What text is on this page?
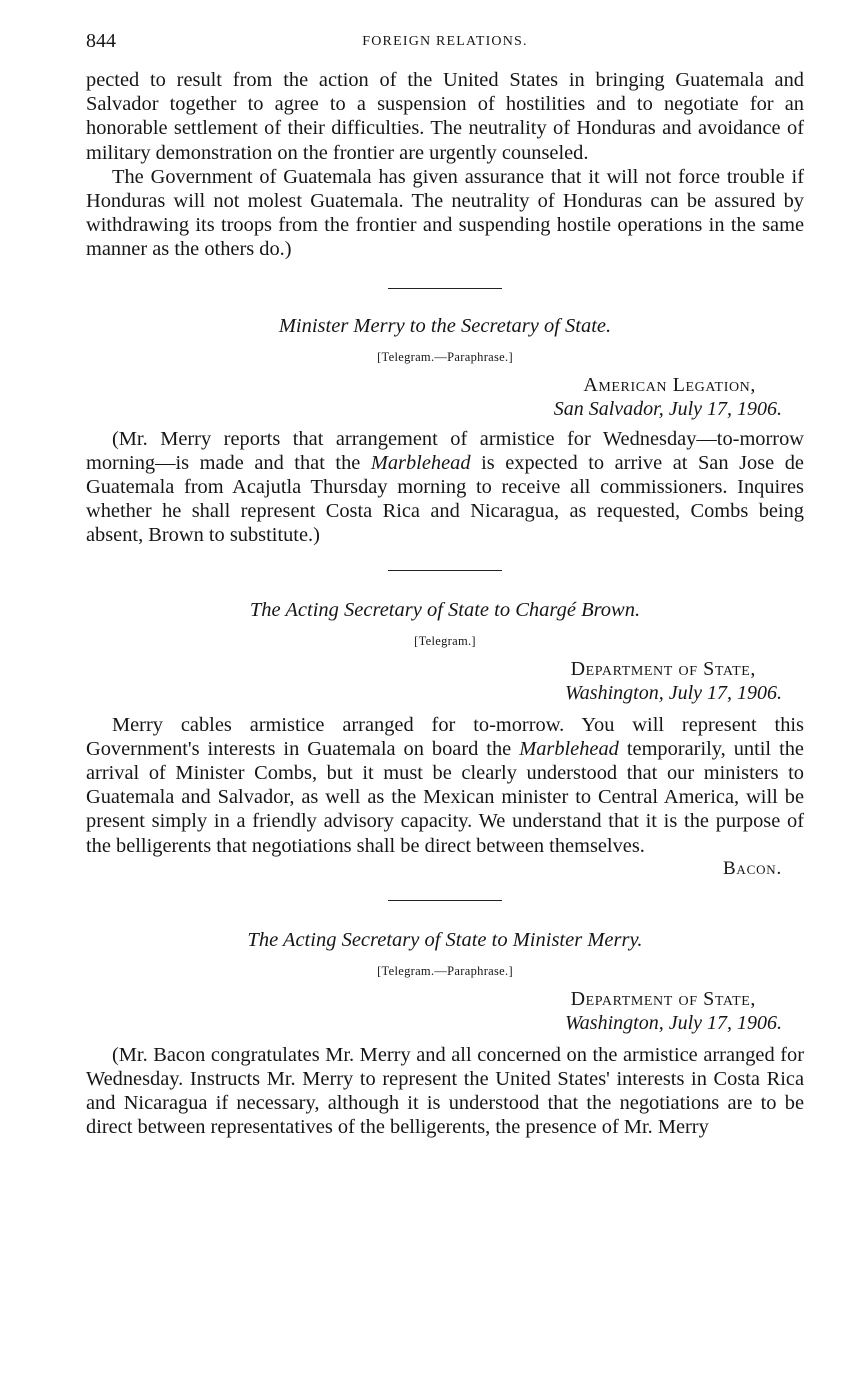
844	FOREIGN RELATIONS.

pected to result from the action of the United States in bringing Guatemala and Salvador together to agree to a suspension of hostilities and to negotiate for an honorable settlement of their difficulties. The neutrality of Honduras and avoidance of military demonstration on the frontier are urgently counseled.

The Government of Guatemala has given assurance that it will not force trouble if Honduras will not molest Guatemala. The neutrality of Honduras can be assured by withdrawing its troops from the frontier and suspending hostile operations in the same manner as the others do.)

Minister Merry to the Secretary of State.

[Telegram.—Paraphrase.]

American Legation,
San Salvador, July 17, 1906.

(Mr. Merry reports that arrangement of armistice for Wednesday—to-morrow morning—is made and that the Marblehead is expected to arrive at San Jose de Guatemala from Acajutla Thursday morning to receive all commissioners. Inquires whether he shall represent Costa Rica and Nicaragua, as requested, Combs being absent, Brown to substitute.)

The Acting Secretary of State to Chargé Brown.

[Telegram.]

Department of State,
Washington, July 17, 1906.

Merry cables armistice arranged for to-morrow. You will represent this Government's interests in Guatemala on board the Marblehead temporarily, until the arrival of Minister Combs, but it must be clearly understood that our ministers to Guatemala and Salvador, as well as the Mexican minister to Central America, will be present simply in a friendly advisory capacity. We understand that it is the purpose of the belligerents that negotiations shall be direct between themselves.

Bacon.

The Acting Secretary of State to Minister Merry.

[Telegram.—Paraphrase.]

Department of State,
Washington, July 17, 1906.

(Mr. Bacon congratulates Mr. Merry and all concerned on the armistice arranged for Wednesday. Instructs Mr. Merry to represent the United States' interests in Costa Rica and Nicaragua if necessary, although it is understood that the negotiations are to be direct between representatives of the belligerents, the presence of Mr. Merry
